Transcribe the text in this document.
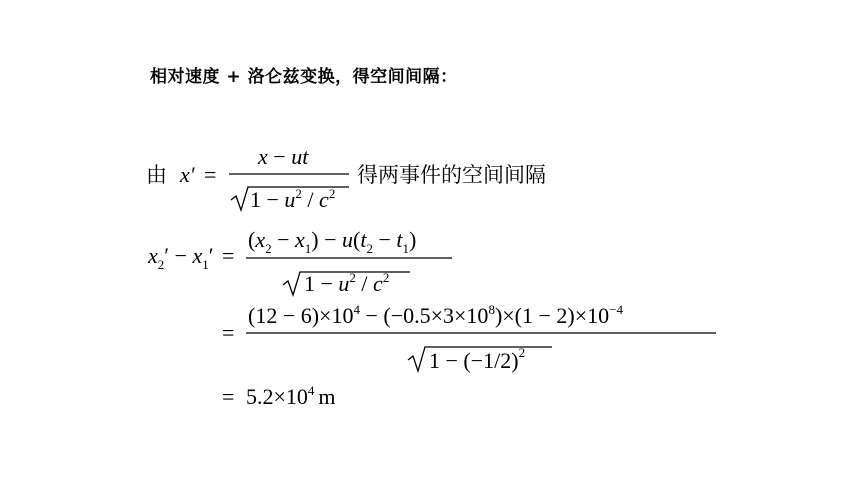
相对速度 + 洛仑兹变换，得空间间隔：
由	得两事件的空间间隔
x′ =
x − ut
$1 - u^2 / c^2$
$x_2' - x_1'$ =
$(x_2 - x_1) - u(t_2 - t_1)$
$1 - u^2 / c^2$
=
$(12 - 6)\times 10^4 - (-0.5\times 3\times 10^8)\times(1 - 2)\times 10^{-4}$
$1 - (-1/2)^2$
= $5.2\times 10^4$ m
